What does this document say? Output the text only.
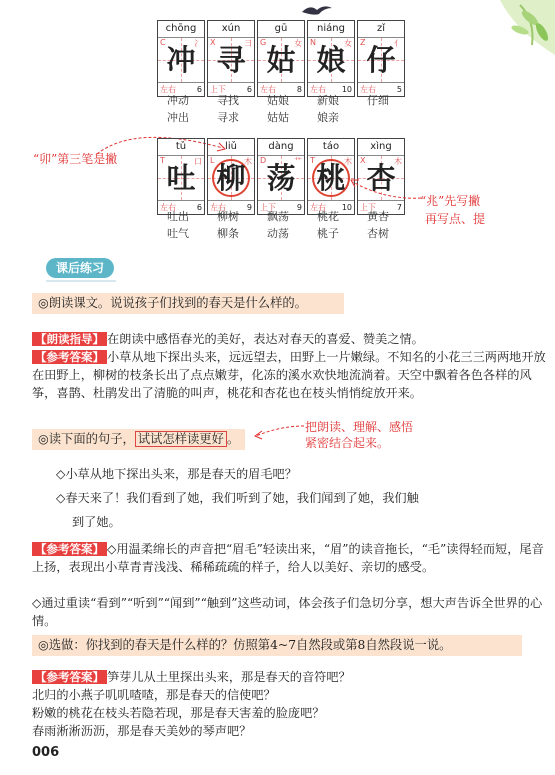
chōng
C	冫
冲
左右	6
xún
X	彐
寻
上下	6
gū
G	女
姑
左右	8
niáng
N	女
娘
左右 10
zǐ
Z	亻
仔
左右	5
冲动	寻找	姑娘	新娘	仔细
冲出	寻求	姑姑	娘亲
“卯”第三笔是撇
tǔ
T	口
吐
左右	6
liǔ
L	木
柳
左右	9
dàng
D	艹
荡
上下	9
táo
T	木
桃
左右 10
xìng
X	木
杏
上下	7
吐出	柳树	飘荡	桃花	黄杏
吐气	柳条	动荡	桃子	杏树
“兆”先写撇
再写点、提
课后练习
◎朗读课文。说说孩子们找到的春天是什么样的。
【朗读指导】 在朗读中感悟春光的美好，表达对春天的喜爱、赞美之情。
【参考答案】 小草从地下探出头来，远远望去，田野上一片嫩绿。不知名的小花三三两两地开放在田野上，柳树的枝条长出了点点嫩芽，化冻的溪水欢快地流淌着。天空中飘着各色各样的风筝，喜鹊、杜鹃发出了清脆的叫声，桃花和杏花也在枝头悄悄绽放开来。
◎读下面的句子， 试试怎样读更好 。
把朗读、理解、感悟
紧密结合起来。
◇小草从地下探出头来，那是春天的眉毛吧？
◇春天来了！我们看到了她，我们听到了她，我们闻到了她，我们触
到了她。
【参考答案】 ◇用温柔绵长的声音把“眉毛”轻读出来，“眉”的读音拖长，“毛”读得轻而短，尾音上扬，表现出小草青青浅浅、稀稀疏疏的样子，给人以美好、亲切的感受。
◇通过重读“看到”“听到”“闻到”“触到”这些动词，体会孩子们急切分享，想大声告诉全世界的心情。
◎选做：你找到的春天是什么样的？仿照第4~7自然段或第8自然段说一说。
【参考答案】 笋芽儿从土里探出头来，那是春天的音符吧？
北归的小燕子叽叽喳喳，那是春天的信使吧？
粉嫩的桃花在枝头若隐若现，那是春天害羞的脸庞吧？
春雨淅淅沥沥，那是春天美妙的琴声吧？
006
